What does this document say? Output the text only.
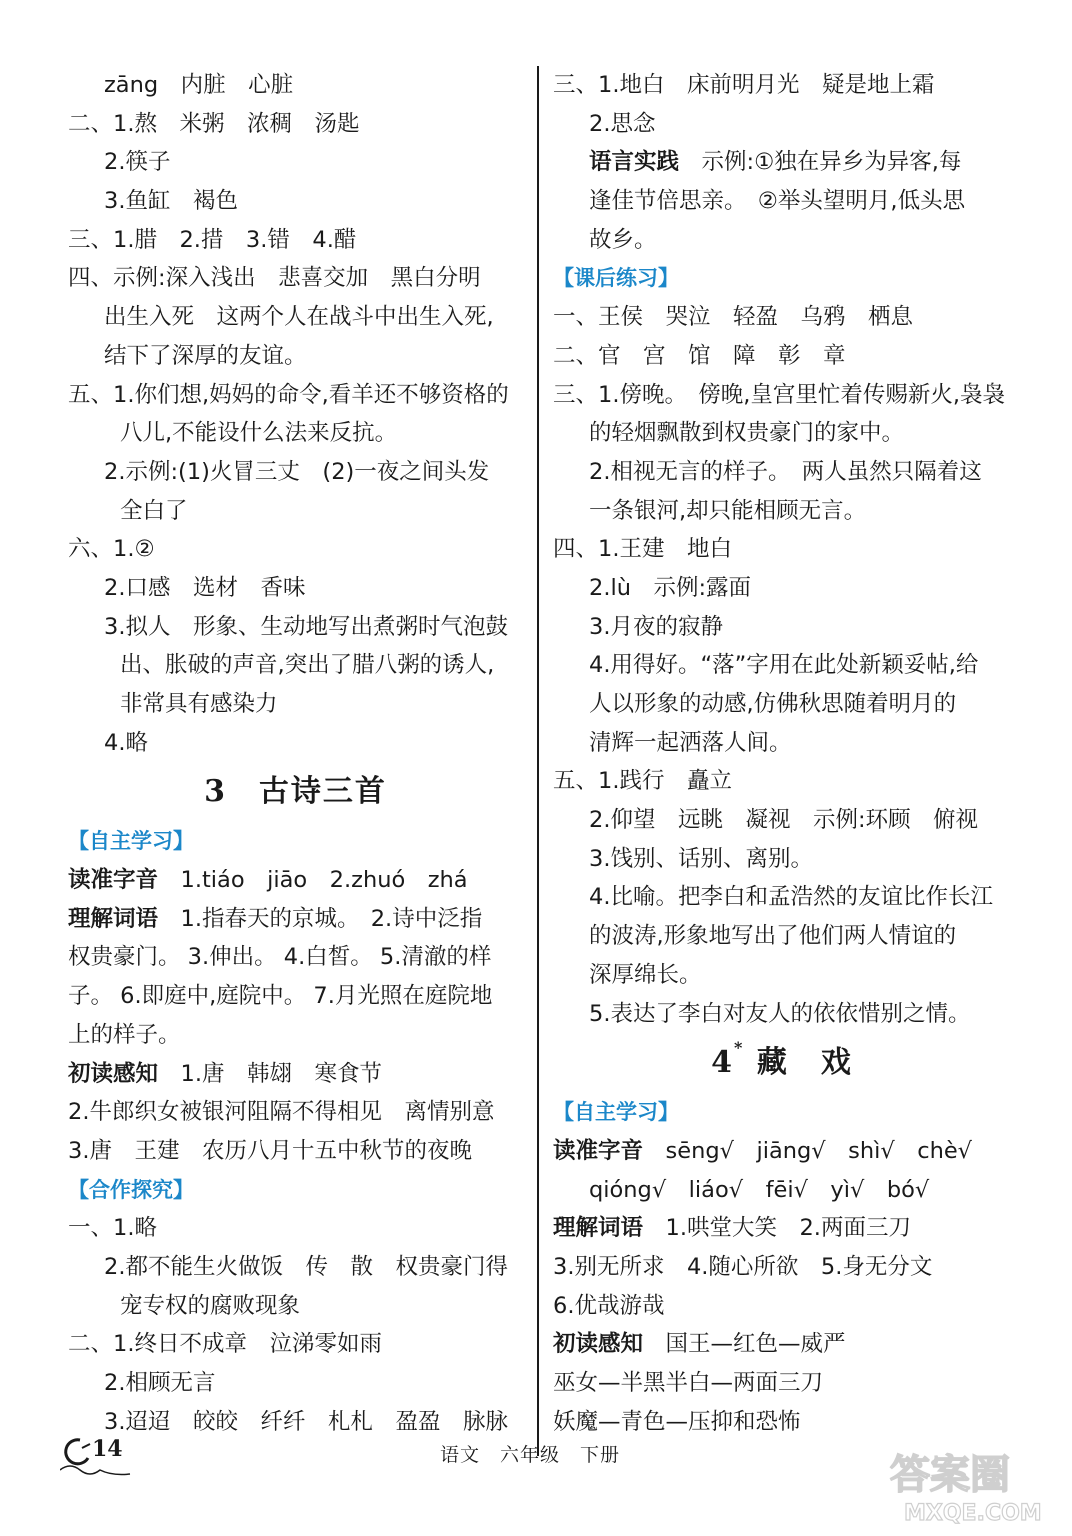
zāng　内脏　心脏
二、1.熬　米粥　浓稠　汤匙
2.筷子
3.鱼缸　褐色
三、1.腊　2.措　3.错　4.醋
四、示例:深入浅出　悲喜交加　黑白分明
出生入死　这两个人在战斗中出生入死,
结下了深厚的友谊。
五、1.你们想,妈妈的命令,看羊还不够资格的
八儿,不能设什么法来反抗。
2.示例:(1)火冒三丈　(2)一夜之间头发
全白了
六、1.②
2.口感　选材　香味
3.拟人　形象、生动地写出煮粥时气泡鼓
出、胀破的声音,突出了腊八粥的诱人,
非常具有感染力
4.略
3　古诗三首
【自主学习】
读准字音　1.tiáo　jiāo　2.zhuó　zhá
理解词语　1.指春天的京城。　2.诗中泛指
权贵豪门。 3.伸出。 4.白皙。 5.清澈的样
子。 6.即庭中,庭院中。 7.月光照在庭院地
上的样子。
初读感知　1.唐　韩翃　寒食节
2.牛郎织女被银河阻隔不得相见　离情别意
3.唐　王建　农历八月十五中秋节的夜晚
【合作探究】
一、1.略
2.都不能生火做饭　传　散　权贵豪门得
宠专权的腐败现象
二、1.终日不成章　泣涕零如雨
2.相顾无言
3.迢迢　皎皎　纤纤　札札　盈盈　脉脉
三、1.地白　床前明月光　疑是地上霜
2.思念
语言实践　示例:①独在异乡为异客,每
逢佳节倍思亲。　②举头望明月,低头思
故乡。
【课后练习】
一、王侯　哭泣　轻盈　乌鸦　栖息
二、官　宫　馆　障　彰　章
三、1.傍晚。　傍晚,皇宫里忙着传赐新火,袅袅
的轻烟飘散到权贵豪门的家中。
2.相视无言的样子。　两人虽然只隔着这
一条银河,却只能相顾无言。
四、1.王建　地白
2.lù　示例:露面
3.月夜的寂静
4.用得好。“落”字用在此处新颖妥帖,给
人以形象的动感,仿佛秋思随着明月的
清辉一起洒落人间。
五、1.践行　矗立
2.仰望　远眺　凝视　示例:环顾　俯视
3.饯别、话别、离别。
4.比喻。把李白和孟浩然的友谊比作长江
的波涛,形象地写出了他们两人情谊的
深厚绵长。
5.表达了李白对友人的依依惜别之情。
4* 藏　戏
【自主学习】
读准字音　sēng√　jiāng√　shì√　chè√
qióng√　liáo√　fēi√　yì√　bó√
理解词语　1.哄堂大笑　2.两面三刀
3.别无所求　4.随心所欲　5.身无分文
6.优哉游哉
初读感知　国王—红色—威严
巫女—半黑半白—两面三刀
妖魔—青色—压抑和恐怖
14	语文　六年级　下册	答案圈
MXQE.COM
